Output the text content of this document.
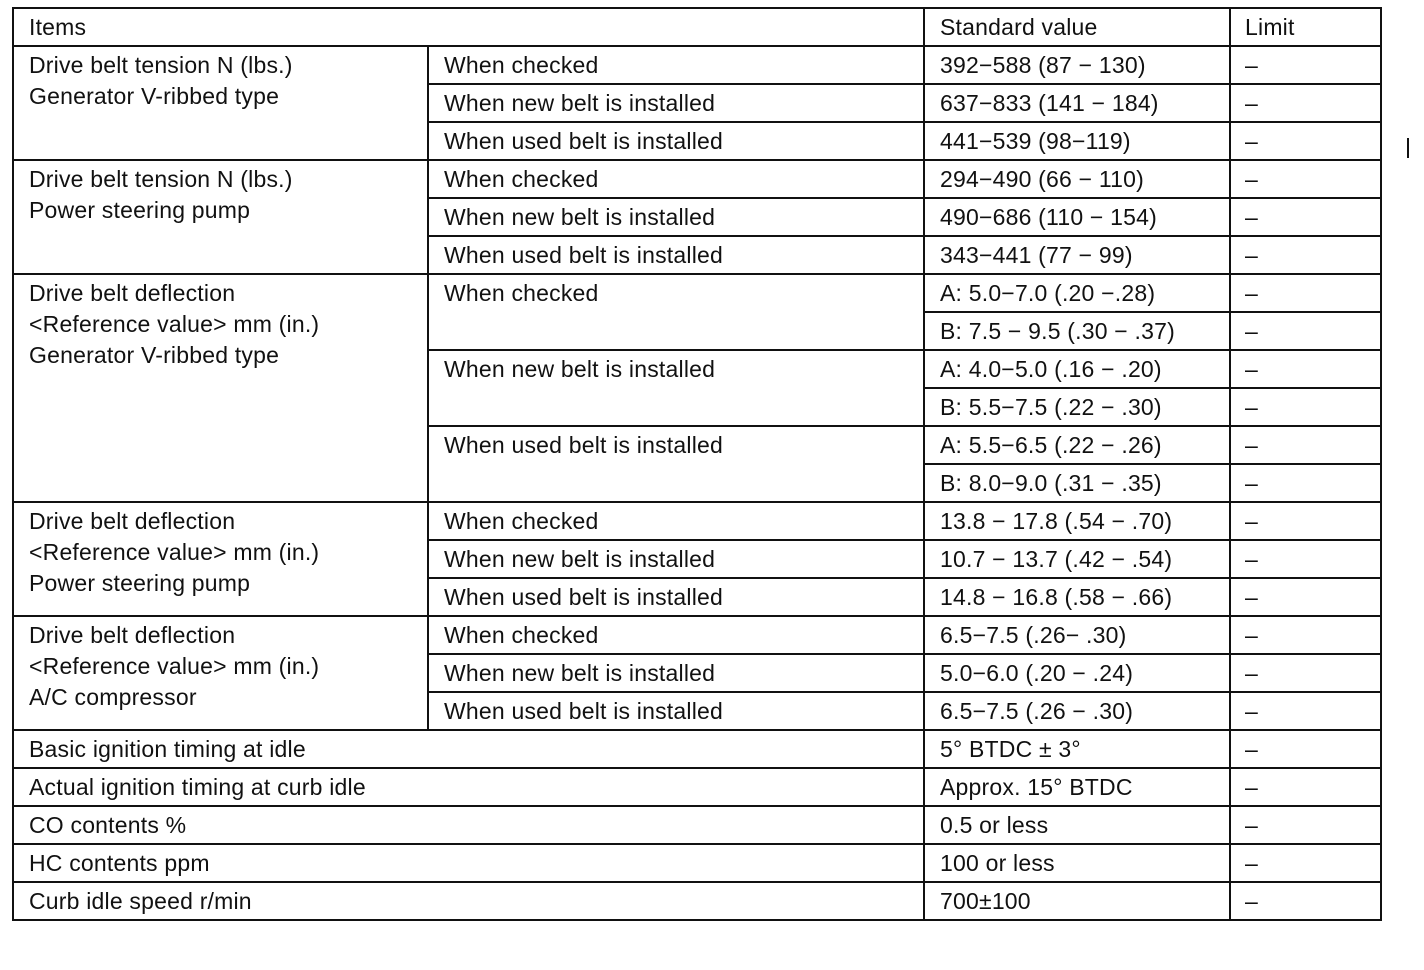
Items		Standard value	Limit

Drive belt tension N (lbs.)
Generator V-ribbed type	When checked	392−588 (87 − 130)	–
	When new belt is installed	637−833 (141 − 184)	–
	When used belt is installed	441−539 (98−119)	–

Drive belt tension N (lbs.)
Power steering pump	When checked	294−490 (66 − 110)	–
	When new belt is installed	490−686 (110 − 154)	–
	When used belt is installed	343−441 (77 − 99)	–

Drive belt deflection
<Reference value> mm (in.)
Generator V-ribbed type	When checked	A: 5.0−7.0 (.20 −.28)	–
		B: 7.5 − 9.5 (.30 − .37)	–
	When new belt is installed	A: 4.0−5.0 (.16 − .20)	–
		B: 5.5−7.5 (.22 − .30)	–
	When used belt is installed	A: 5.5−6.5 (.22 − .26)	–
		B: 8.0−9.0 (.31 − .35)	–

Drive belt deflection
<Reference value> mm (in.)
Power steering pump	When checked	13.8 − 17.8 (.54 − .70)	–
	When new belt is installed	10.7 − 13.7 (.42 − .54)	–
	When used belt is installed	14.8 − 16.8 (.58 − .66)	–

Drive belt deflection
<Reference value> mm (in.)
A/C compressor	When checked	6.5−7.5 (.26− .30)	–
	When new belt is installed	5.0−6.0 (.20 − .24)	–
	When used belt is installed	6.5−7.5 (.26 − .30)	–
Basic ignition timing at idle		5° BTDC ± 3°	–
Actual ignition timing at curb idle		Approx. 15° BTDC	–
CO contents %		0.5 or less	–
HC contents ppm		100 or less	–
Curb idle speed r/min		700±100	–
